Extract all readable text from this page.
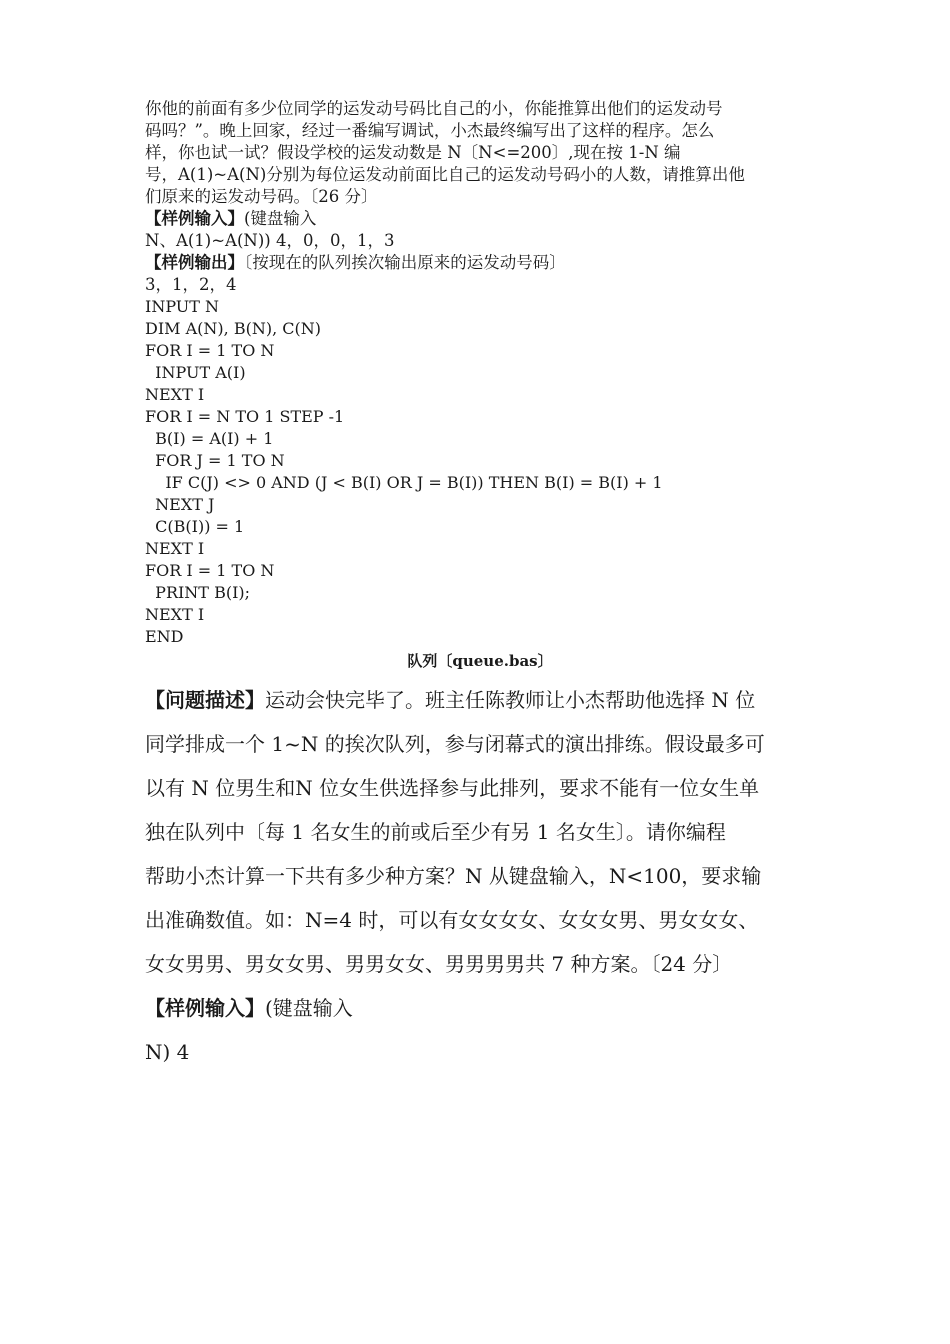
你他的前面有多少位同学的运发动号码比自己的小，你能推算出他们的运发动号
码吗？”。晚上回家，经过一番编写调试，小杰最终编写出了这样的程序。怎么
样，你也试一试？假设学校的运发动数是 N〔N<=200〕,现在按 1-N 编
号，A(1)~A(N)分别为每位运发动前面比自己的运发动号码小的人数，请推算出他
们原来的运发动号码。〔26 分〕
【样例输入】(键盘输入
N、A(1)~A(N)) 4，0，0，1，3
【样例输出】〔按现在的队列挨次输出原来的运发动号码〕
3，1，2，4
INPUT N
DIM A(N), B(N), C(N)
FOR I = 1 TO N
INPUT A(I)
NEXT I
FOR I = N TO 1 STEP -1
B(I) = A(I) + 1
FOR J = 1 TO N
IF C(J) <> 0 AND (J < B(I) OR J = B(I)) THEN B(I) = B(I) + 1
NEXT J
C(B(I)) = 1
NEXT I
FOR I = 1 TO N
PRINT B(I);
NEXT I
END
队列〔queue.bas〕
【问题描述】运动会快完毕了。班主任陈教师让小杰帮助他选择 N 位
同学排成一个 1~N 的挨次队列，参与闭幕式的演出排练。假设最多可
以有 N 位男生和N 位女生供选择参与此排列，要求不能有一位女生单
独在队列中〔每 1 名女生的前或后至少有另 1 名女生〕。请你编程
帮助小杰计算一下共有多少种方案？N 从键盘输入，N<100，要求输
出准确数值。如：N=4 时，可以有女女女女、女女女男、男女女女、
女女男男、男女女男、男男女女、男男男男共 7 种方案。〔24 分〕
【样例输入】(键盘输入
N) 4
